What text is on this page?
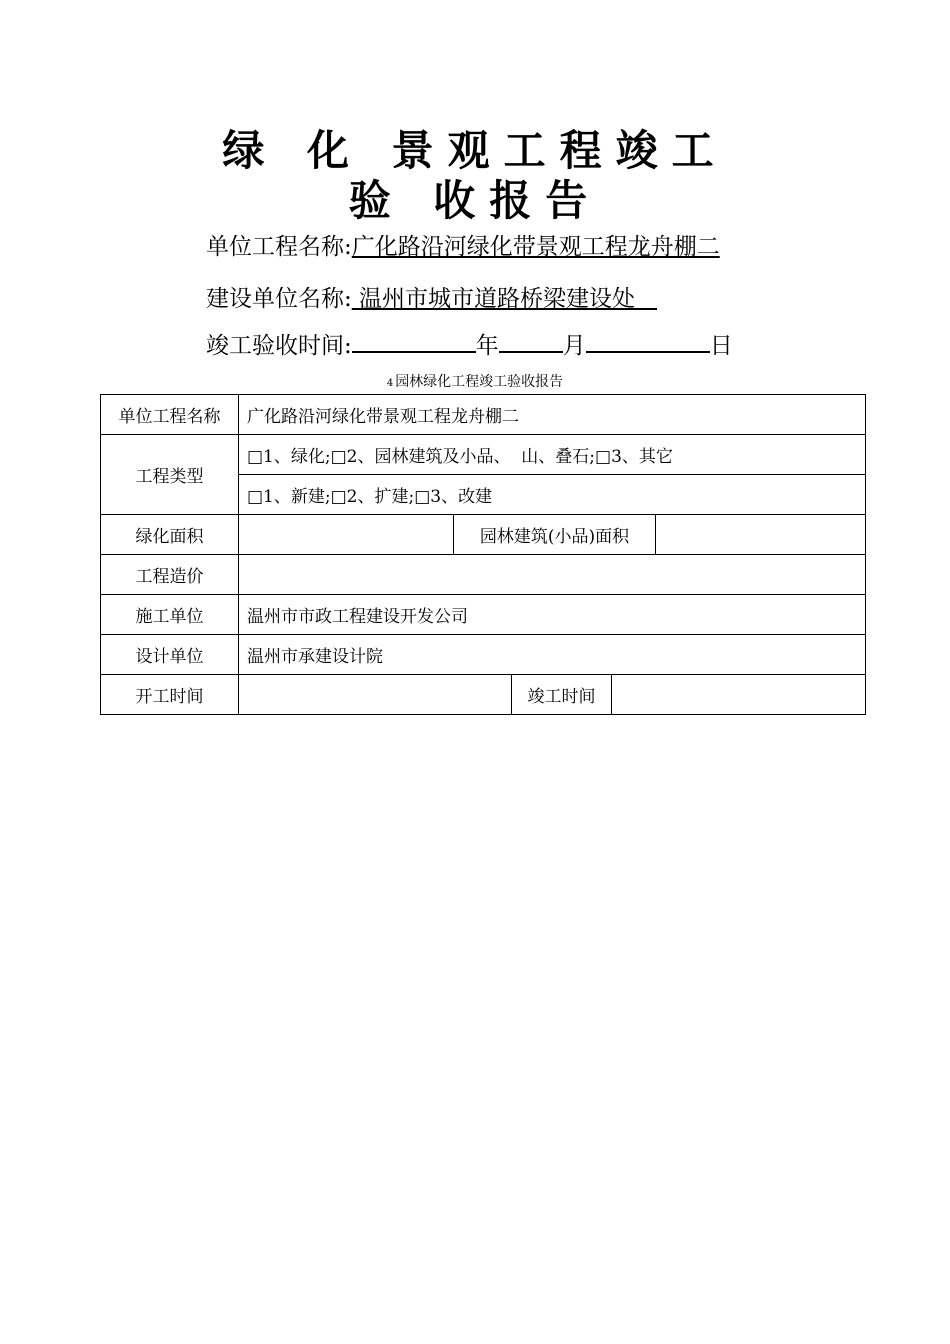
绿 化 景观工程竣工
验 收报告
单位工程名称:广化路沿河绿化带景观工程龙舟棚二
建设单位名称: 温州市城市道路桥梁建设处
竣工验收时间:	年	月	日
4 园林绿化工程竣工验收报告
单位工程名称	广化路沿河绿化带景观工程龙舟棚二				
工程类型	□1、绿化;□2、园林建筑及小品、  山、叠石;□3、其它				
	□1、新建;□2、扩建;□3、改建				
绿化面积		园林建筑(小品)面积			
工程造价					
施工单位	温州市市政工程建设开发公司				
设计单位	温州市承建设计院				
开工时间			竣工时间		
